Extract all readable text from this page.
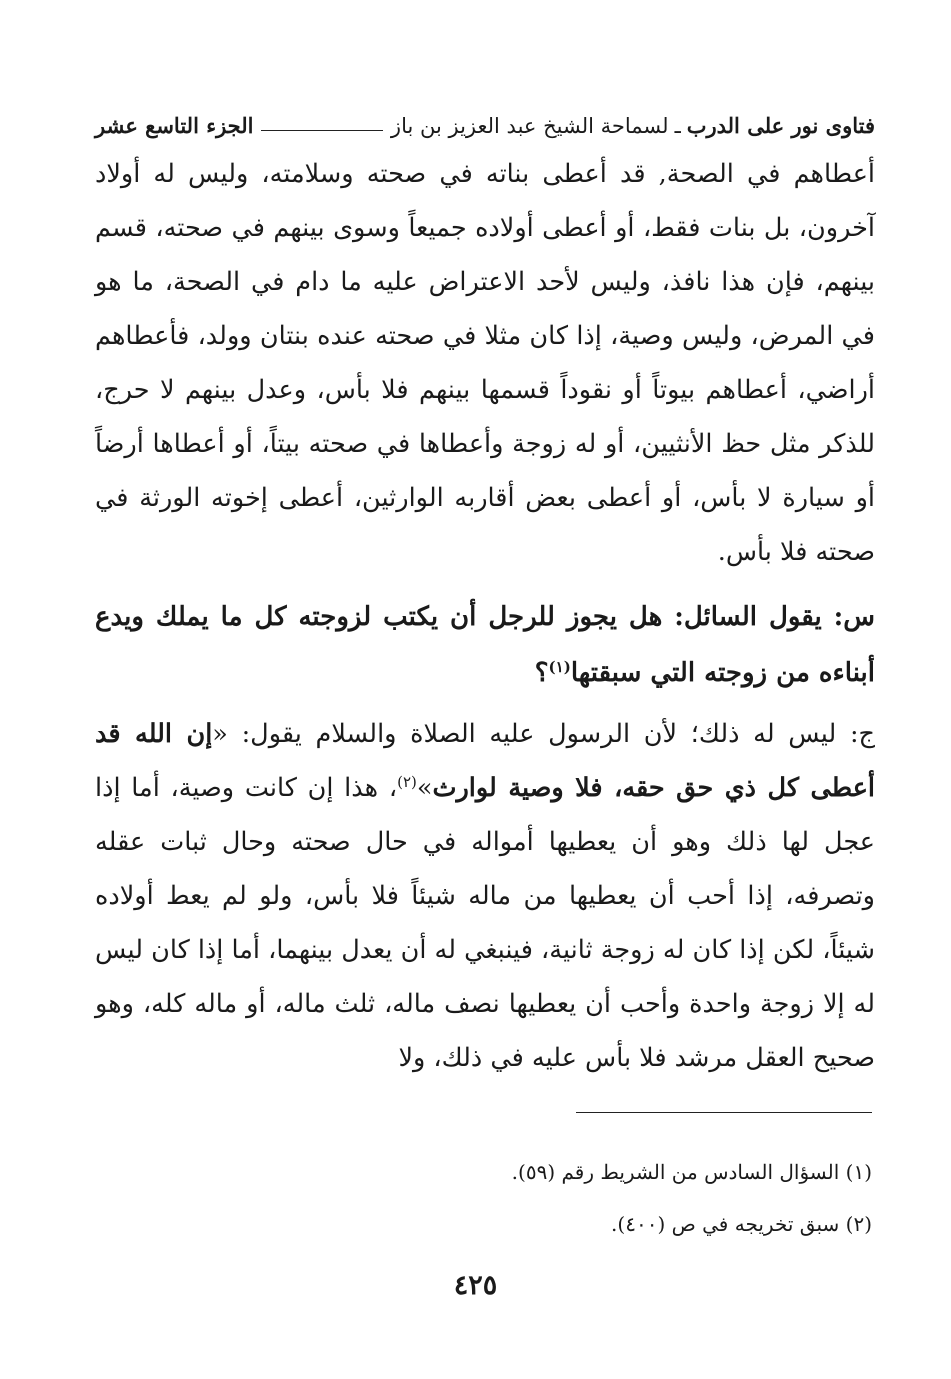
فتاوى نور على الدرب
ـ
لسماحة الشيخ عبد العزيز بن باز
الجزء التاسع عشر

أعطاهم في الصحة, قد أعطى بناته في صحته وسلامته، وليس له أولاد آخرون، بل بنات فقط، أو أعطى أولاده جميعاً وسوى بينهم في صحته، قسم بينهم، فإن هذا نافذ، وليس لأحد الاعتراض عليه ما دام في الصحة، ما هو في المرض، وليس وصية، إذا كان مثلا في صحته عنده بنتان وولد، فأعطاهم أراضي، أعطاهم بيوتاً أو نقوداً قسمها بينهم فلا بأس، وعدل بينهم لا حرج، للذكر مثل حظ الأنثيين، أو له زوجة وأعطاها في صحته بيتاً، أو أعطاها أرضاً أو سيارة لا بأس، أو أعطى بعض أقاربه الوارثين، أعطى إخوته الورثة في صحته فلا بأس.

س: يقول السائل: هل يجوز للرجل أن يكتب لزوجته كل ما يملك ويدع أبناءه من زوجته التي سبقتها$^{(١)}$؟

ج: ليس له ذلك؛ لأن الرسول عليه الصلاة والسلام يقول: «إن الله قد أعطى كل ذي حق حقه، فلا وصية لوارث»$^{(٢)}$، هذا إن كانت وصية، أما إذا عجل لها ذلك وهو أن يعطيها أمواله في حال صحته وحال ثبات عقله وتصرفه، إذا أحب أن يعطيها من ماله شيئاً فلا بأس، ولو لم يعط أولاده شيئاً، لكن إذا كان له زوجة ثانية، فينبغي له أن يعدل بينهما، أما إذا كان ليس له إلا زوجة واحدة وأحب أن يعطيها نصف ماله، ثلث ماله، أو ماله كله، وهو صحيح العقل مرشد فلا بأس عليه في ذلك، ولا

(١) السؤال السادس من الشريط رقم (٥٩).
(٢) سبق تخريجه في ص (٤٠٠).
٤٢٥
